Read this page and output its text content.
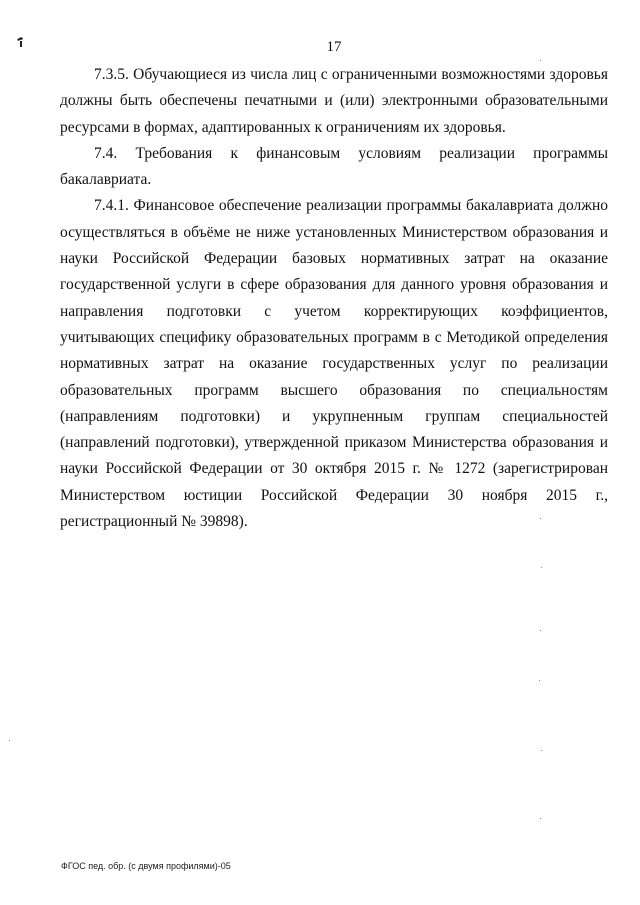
17

7.3.5. Обучающиеся из числа лиц с ограниченными возможностями здоровья должны быть обеспечены печатными и (или) электронными образовательными ресурсами в формах, адаптированных к ограничениям их здоровья.

7.4. Требования к финансовым условиям реализации программы бакалавриата.

7.4.1. Финансовое обеспечение реализации программы бакалавриата должно осуществляться в объёме не ниже установленных Министерством образования и науки Российской Федерации базовых нормативных затрат на оказание государственной услуги в сфере образования для данного уровня образования и направления подготовки с учетом корректирующих коэффициентов, учитывающих специфику образовательных программ в с Методикой определения нормативных затрат на оказание государственных услуг по реализации образовательных программ высшего образования по специальностям (направлениям подготовки) и укрупненным группам специальностей (направлений подготовки), утвержденной приказом Министерства образования и науки Российской Федерации от 30 октября 2015 г. № 1272 (зарегистрирован Министерством юстиции Российской Федерации 30 ноября 2015 г., регистрационный № 39898).

ФГОС пед. обр. (с двумя профилями)-05
